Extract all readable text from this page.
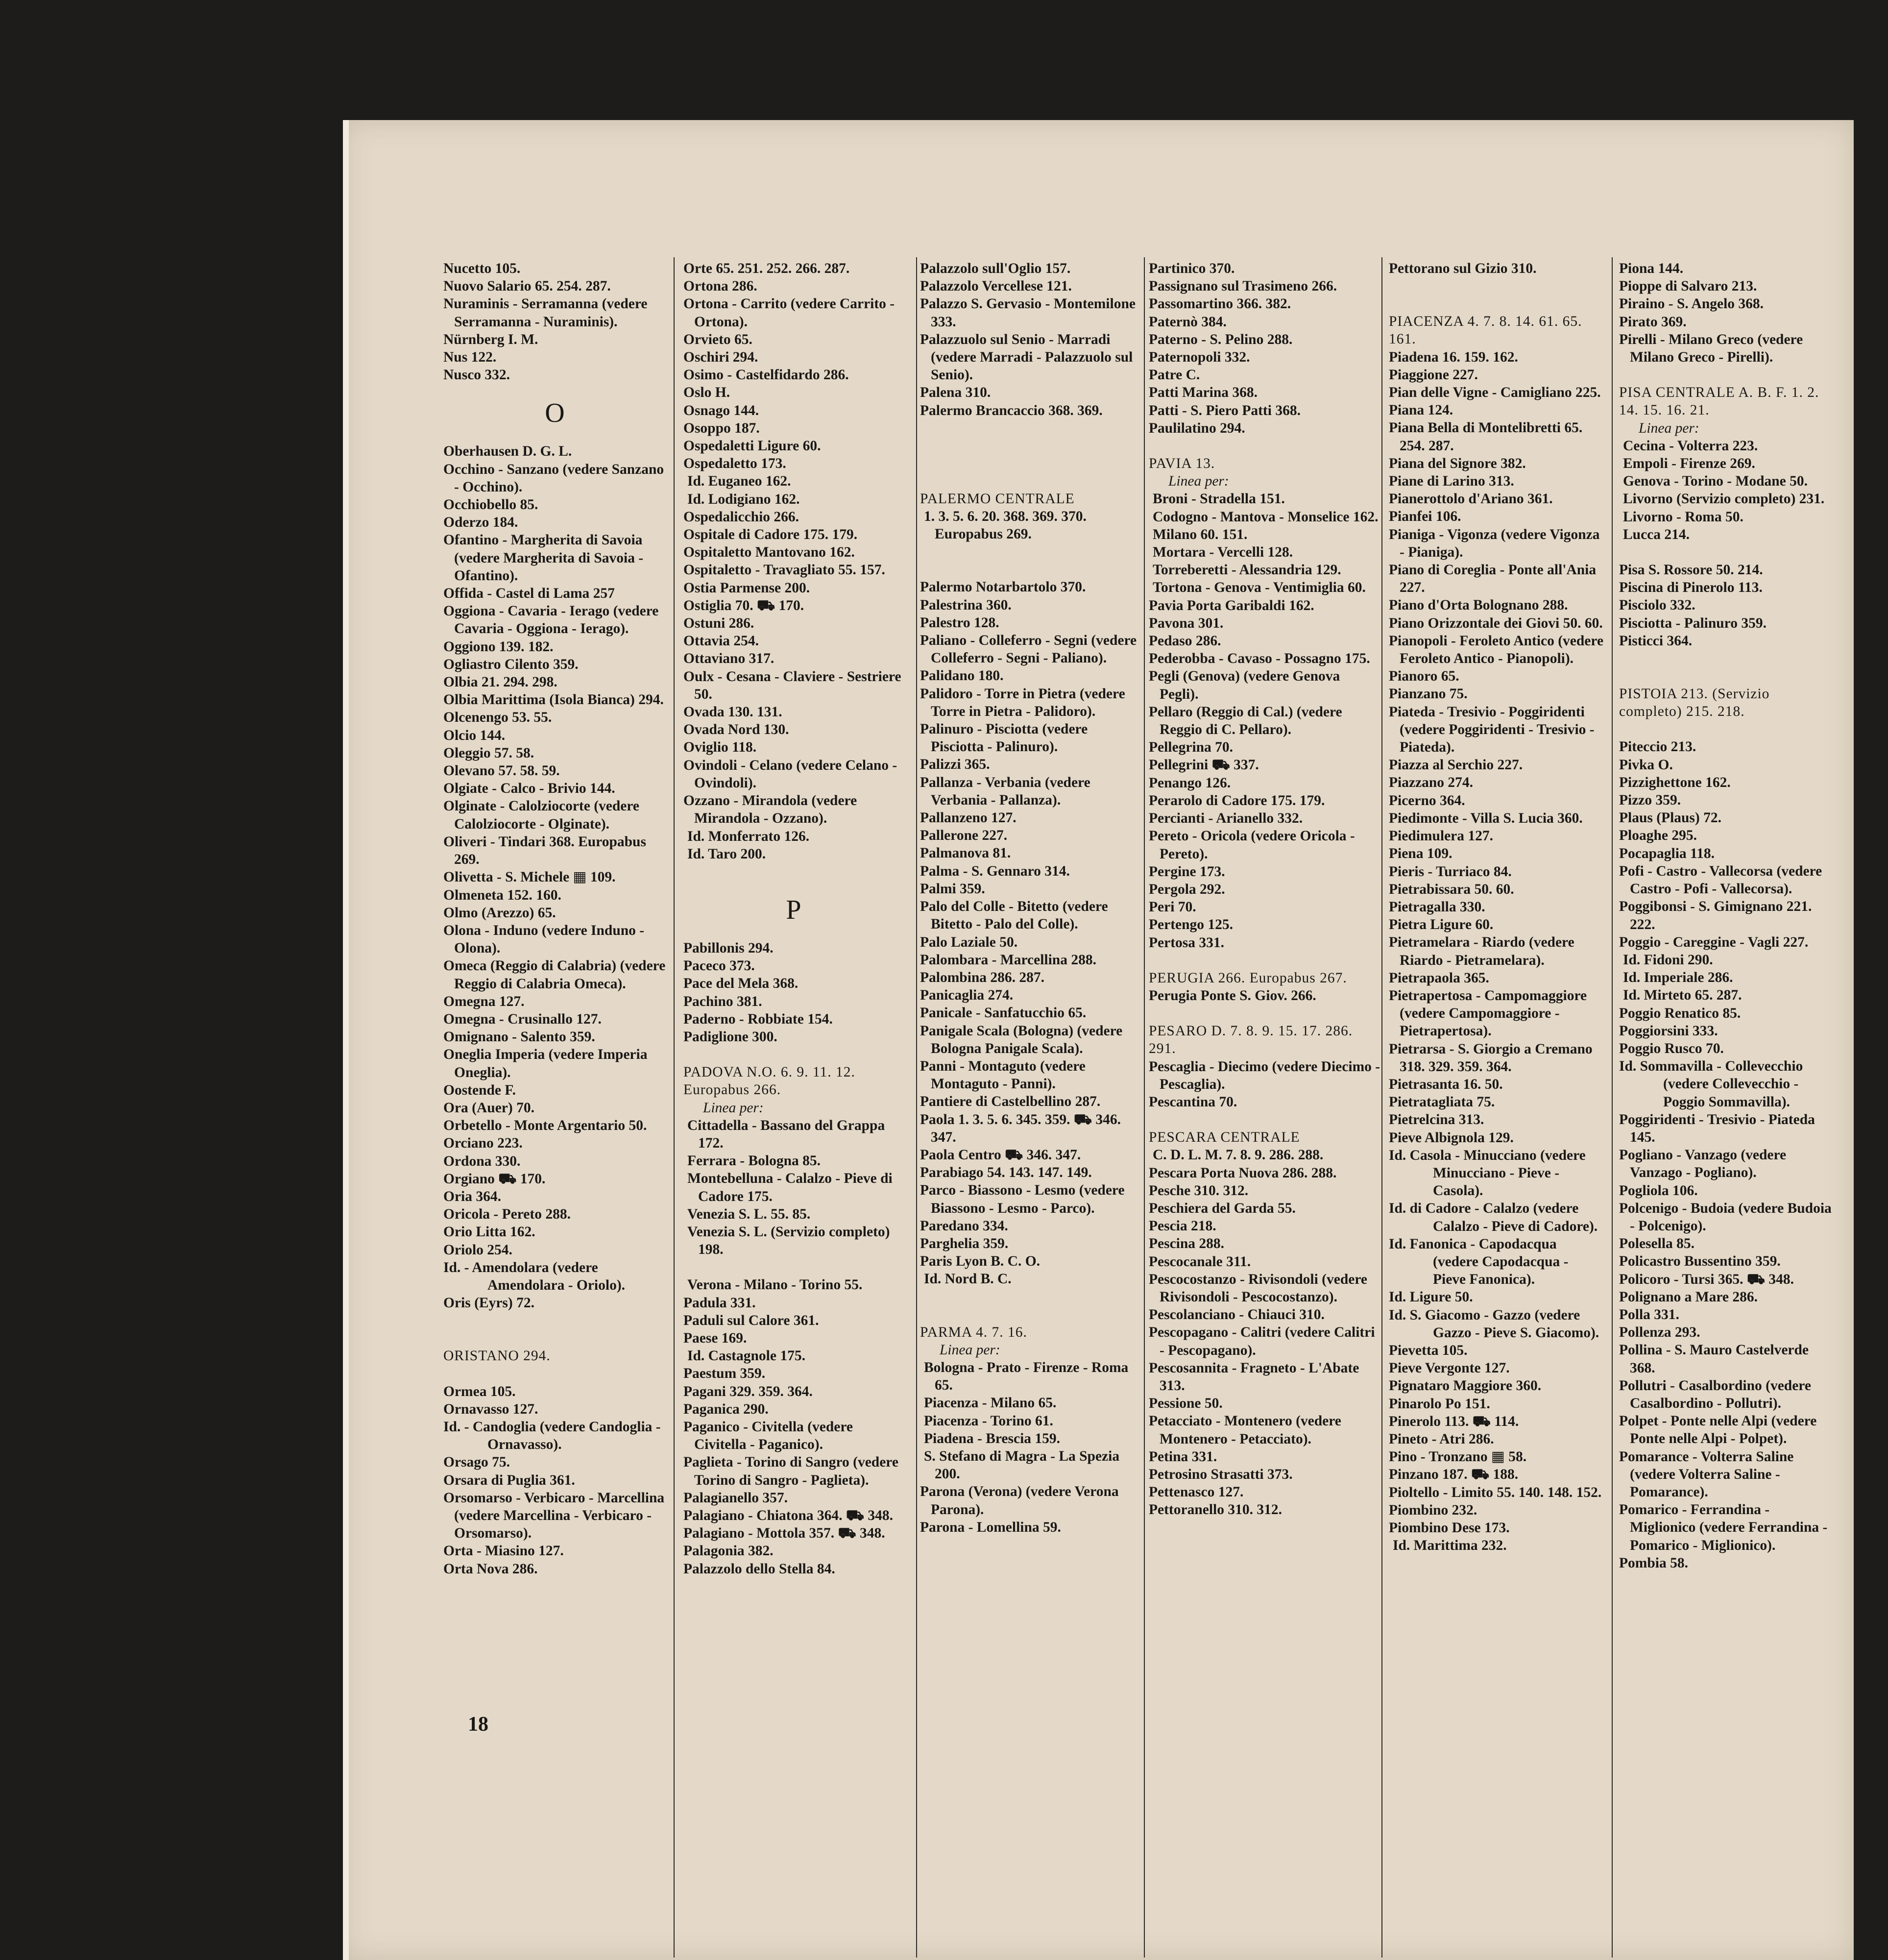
Nucetto 105.
Nuovo Salario 65. 254. 287.
Nuraminis - Serramanna (vedere Serramanna - Nuraminis).
Nürnberg I. M.
Nus 122.
Nusco 332.
O
Oberhausen D. G. L.
Occhino - Sanzano (vedere Sanzano - Occhino).
Occhiobello 85.
Oderzo 184.
Ofantino - Margherita di Savoia (vedere Margherita di Savoia - Ofantino).
Offida - Castel di Lama 257
Oggiona - Cavaria - Ierago (vedere Cavaria - Oggiona - Ierago).
Oggiono 139. 182.
Ogliastro Cilento 359.
Olbia 21. 294. 298.
Olbia Marittima (Isola Bianca) 294.
Olcenengo 53. 55.
Olcio 144.
Oleggio 57. 58.
Olevano 57. 58. 59.
Olgiate - Calco - Brivio 144.
Olginate - Calolziocorte (vedere Calolziocorte - Olginate).
Oliveri - Tindari 368. Europabus 269.
Olivetta - S. Michele ▦ 109.
Olmeneta 152. 160.
Olmo (Arezzo) 65.
Olona - Induno (vedere Induno - Olona).
Omeca (Reggio di Calabria) (vedere Reggio di Calabria Omeca).
Omegna 127.
Omegna - Crusinallo 127.
Omignano - Salento 359.
Oneglia Imperia (vedere Imperia Oneglia).
Oostende F.
Ora (Auer) 70.
Orbetello - Monte Argentario 50.
Orciano 223.
Ordona 330.
Orgiano ⛟ 170.
Oria 364.
Oricola - Pereto 288.
Orio Litta 162.
Oriolo 254.
Id. - Amendolara (vedere Amendolara - Oriolo).
Oris (Eyrs) 72.
ORISTANO 294.
Ormea 105.
Ornavasso 127.
Id. - Candoglia (vedere Candoglia - Ornavasso).
Orsago 75.
Orsara di Puglia 361.
Orsomarso - Verbicaro - Marcellina (vedere Marcellina - Verbicaro - Orsomarso).
Orta - Miasino 127.
Orta Nova 286.
Orte 65. 251. 252. 266. 287.
Ortona 286.
Ortona - Carrito (vedere Carrito - Ortona).
Orvieto 65.
Oschiri 294.
Osimo - Castelfidardo 286.
Oslo H.
Osnago 144.
Osoppo 187.
Ospedaletti Ligure 60.
Ospedaletto 173.
Id. Euganeo 162.
Id. Lodigiano 162.
Ospedalicchio 266.
Ospitale di Cadore 175. 179.
Ospitaletto Mantovano 162.
Ospitaletto - Travagliato 55. 157.
Ostia Parmense 200.
Ostiglia 70. ⛟ 170.
Ostuni 286.
Ottavia 254.
Ottaviano 317.
Oulx - Cesana - Claviere - Sestriere 50.
Ovada 130. 131.
Ovada Nord 130.
Oviglio 118.
Ovindoli - Celano (vedere Celano - Ovindoli).
Ozzano - Mirandola (vedere Mirandola - Ozzano).
Id. Monferrato 126.
Id. Taro 200.
P
Pabillonis 294.
Paceco 373.
Pace del Mela 368.
Pachino 381.
Paderno - Robbiate 154.
Padiglione 300.
PADOVA N.O. 6. 9. 11. 12. Europabus 266.
Linea per:
Cittadella - Bassano del Grappa 172.
Ferrara - Bologna 85.
Montebelluna - Calalzo - Pieve di Cadore 175.
Venezia S. L. 55. 85.
Venezia S. L. (Servizio completo) 198.
Verona - Milano - Torino 55.
Padula 331.
Paduli sul Calore 361.
Paese 169.
Id. Castagnole 175.
Paestum 359.
Pagani 329. 359. 364.
Paganica 290.
Paganico - Civitella (vedere Civitella - Paganico).
Paglieta - Torino di Sangro (vedere Torino di Sangro - Paglieta).
Palagianello 357.
Palagiano - Chiatona 364. ⛟ 348.
Palagiano - Mottola 357. ⛟ 348.
Palagonia 382.
Palazzolo dello Stella 84.
Palazzolo sull'Oglio 157.
Palazzolo Vercellese 121.
Palazzo S. Gervasio - Montemilone 333.
Palazzuolo sul Senio - Marradi (vedere Marradi - Palazzuolo sul Senio).
Palena 310.
Palermo Brancaccio 368. 369.
PALERMO CENTRALE
1. 3. 5. 6. 20. 368. 369. 370. Europabus 269.
Palermo Notarbartolo 370.
Palestrina 360.
Palestro 128.
Paliano - Colleferro - Segni (vedere Colleferro - Segni - Paliano).
Palidano 180.
Palidoro - Torre in Pietra (vedere Torre in Pietra - Palidoro).
Palinuro - Pisciotta (vedere Pisciotta - Palinuro).
Palizzi 365.
Pallanza - Verbania (vedere Verbania - Pallanza).
Pallanzeno 127.
Pallerone 227.
Palmanova 81.
Palma - S. Gennaro 314.
Palmi 359.
Palo del Colle - Bitetto (vedere Bitetto - Palo del Colle).
Palo Laziale 50.
Palombara - Marcellina 288.
Palombina 286. 287.
Panicaglia 274.
Panicale - Sanfatucchio 65.
Panigale Scala (Bologna) (vedere Bologna Panigale Scala).
Panni - Montaguto (vedere Montaguto - Panni).
Pantiere di Castelbellino 287.
Paola 1. 3. 5. 6. 345. 359. ⛟ 346. 347.
Paola Centro ⛟ 346. 347.
Parabiago 54. 143. 147. 149.
Parco - Biassono - Lesmo (vedere Biassono - Lesmo - Parco).
Paredano 334.
Parghelia 359.
Paris Lyon B. C. O.
Id. Nord B. C.
PARMA 4. 7. 16.
Linea per:
Bologna - Prato - Firenze - Roma 65.
Piacenza - Milano 65.
Piacenza - Torino 61.
Piadena - Brescia 159.
S. Stefano di Magra - La Spezia 200.
Parona (Verona) (vedere Verona Parona).
Parona - Lomellina 59.
Partinico 370.
Passignano sul Trasimeno 266.
Passomartino 366. 382.
Paternò 384.
Paterno - S. Pelino 288.
Paternopoli 332.
Patre C.
Patti Marina 368.
Patti - S. Piero Patti 368.
Paulilatino 294.
PAVIA 13.
Linea per:
Broni - Stradella 151.
Codogno - Mantova - Monselice 162.
Milano 60. 151.
Mortara - Vercelli 128.
Torreberetti - Alessandria 129.
Tortona - Genova - Ventimiglia 60.
Pavia Porta Garibaldi 162.
Pavona 301.
Pedaso 286.
Pederobba - Cavaso - Possagno 175.
Pegli (Genova) (vedere Genova Pegli).
Pellaro (Reggio di Cal.) (vedere Reggio di C. Pellaro).
Pellegrina 70.
Pellegrini ⛟ 337.
Penango 126.
Perarolo di Cadore 175. 179.
Percianti - Arianello 332.
Pereto - Oricola (vedere Oricola - Pereto).
Pergine 173.
Pergola 292.
Peri 70.
Pertengo 125.
Pertosa 331.
PERUGIA 266. Europabus 267.
Perugia Ponte S. Giov. 266.
PESARO D. 7. 8. 9. 15. 17. 286. 291.
Pescaglia - Diecimo (vedere Diecimo - Pescaglia).
Pescantina 70.
PESCARA CENTRALE
C. D. L. M. 7. 8. 9. 286. 288.
Pescara Porta Nuova 286. 288.
Pesche 310. 312.
Peschiera del Garda 55.
Pescia 218.
Pescina 288.
Pescocanale 311.
Pescocostanzo - Rivisondoli (vedere Rivisondoli - Pescocostanzo).
Pescolanciano - Chiauci 310.
Pescopagano - Calitri (vedere Calitri - Pescopagano).
Pescosannita - Fragneto - L'Abate 313.
Pessione 50.
Petacciato - Montenero (vedere Montenero - Petacciato).
Petina 331.
Petrosino Strasatti 373.
Pettenasco 127.
Pettoranello 310. 312.
Pettorano sul Gizio 310.
PIACENZA 4. 7. 8. 14. 61. 65. 161.
Piadena 16. 159. 162.
Piaggione 227.
Pian delle Vigne - Camigliano 225.
Piana 124.
Piana Bella di Montelibretti 65. 254. 287.
Piana del Signore 382.
Piane di Larino 313.
Pianerottolo d'Ariano 361.
Pianfei 106.
Pianiga - Vigonza (vedere Vigonza - Pianiga).
Piano di Coreglia - Ponte all'Ania 227.
Piano d'Orta Bolognano 288.
Piano Orizzontale dei Giovi 50. 60.
Pianopoli - Feroleto Antico (vedere Feroleto Antico - Pianopoli).
Pianoro 65.
Pianzano 75.
Piateda - Tresivio - Poggiridenti (vedere Poggiridenti - Tresivio - Piateda).
Piazza al Serchio 227.
Piazzano 274.
Picerno 364.
Piedimonte - Villa S. Lucia 360.
Piedimulera 127.
Piena 109.
Pieris - Turriaco 84.
Pietrabissara 50. 60.
Pietragalla 330.
Pietra Ligure 60.
Pietramelara - Riardo (vedere Riardo - Pietramelara).
Pietrapaola 365.
Pietrapertosa - Campomaggiore (vedere Campomaggiore - Pietrapertosa).
Pietrarsa - S. Giorgio a Cremano 318. 329. 359. 364.
Pietrasanta 16. 50.
Pietratagliata 75.
Pietrelcina 313.
Pieve Albignola 129.
Id. Casola - Minucciano (vedere Minucciano - Pieve - Casola).
Id. di Cadore - Calalzo (vedere Calalzo - Pieve di Cadore).
Id. Fanonica - Capodacqua (vedere Capodacqua - Pieve Fanonica).
Id. Ligure 50.
Id. S. Giacomo - Gazzo (vedere Gazzo - Pieve S. Giacomo).
Pievetta 105.
Pieve Vergonte 127.
Pignataro Maggiore 360.
Pinarolo Po 151.
Pinerolo 113. ⛟ 114.
Pineto - Atri 286.
Pino - Tronzano ▦ 58.
Pinzano 187. ⛟ 188.
Pioltello - Limito 55. 140. 148. 152.
Piombino 232.
Piombino Dese 173.
Id. Marittima 232.
Piona 144.
Pioppe di Salvaro 213.
Piraino - S. Angelo 368.
Pirato 369.
Pirelli - Milano Greco (vedere Milano Greco - Pirelli).
PISA CENTRALE A. B. F. 1. 2. 14. 15. 16. 21.
Linea per:
Cecina - Volterra 223.
Empoli - Firenze 269.
Genova - Torino - Modane 50.
Livorno (Servizio completo) 231.
Livorno - Roma 50.
Lucca 214.
Pisa S. Rossore 50. 214.
Piscina di Pinerolo 113.
Pisciolo 332.
Pisciotta - Palinuro 359.
Pisticci 364.
PISTOIA 213. (Servizio completo) 215. 218.
Piteccio 213.
Pivka O.
Pizzighettone 162.
Pizzo 359.
Plaus (Plaus) 72.
Ploaghe 295.
Pocapaglia 118.
Pofi - Castro - Vallecorsa (vedere Castro - Pofi - Vallecorsa).
Poggibonsi - S. Gimignano 221. 222.
Poggio - Careggine - Vagli 227.
Id. Fidoni 290.
Id. Imperiale 286.
Id. Mirteto 65. 287.
Poggio Renatico 85.
Poggiorsini 333.
Poggio Rusco 70.
Id. Sommavilla - Collevecchio (vedere Collevecchio - Poggio Sommavilla).
Poggiridenti - Tresivio - Piateda 145.
Pogliano - Vanzago (vedere Vanzago - Pogliano).
Pogliola 106.
Polcenigo - Budoia (vedere Budoia - Polcenigo).
Polesella 85.
Policastro Bussentino 359.
Policoro - Tursi 365. ⛟ 348.
Polignano a Mare 286.
Polla 331.
Pollenza 293.
Pollina - S. Mauro Castelverde 368.
Pollutri - Casalbordino (vedere Casalbordino - Pollutri).
Polpet - Ponte nelle Alpi (vedere Ponte nelle Alpi - Polpet).
Pomarance - Volterra Saline (vedere Volterra Saline - Pomarance).
Pomarico - Ferrandina - Miglionico (vedere Ferrandina - Pomarico - Miglionico).
Pombia 58.
18
